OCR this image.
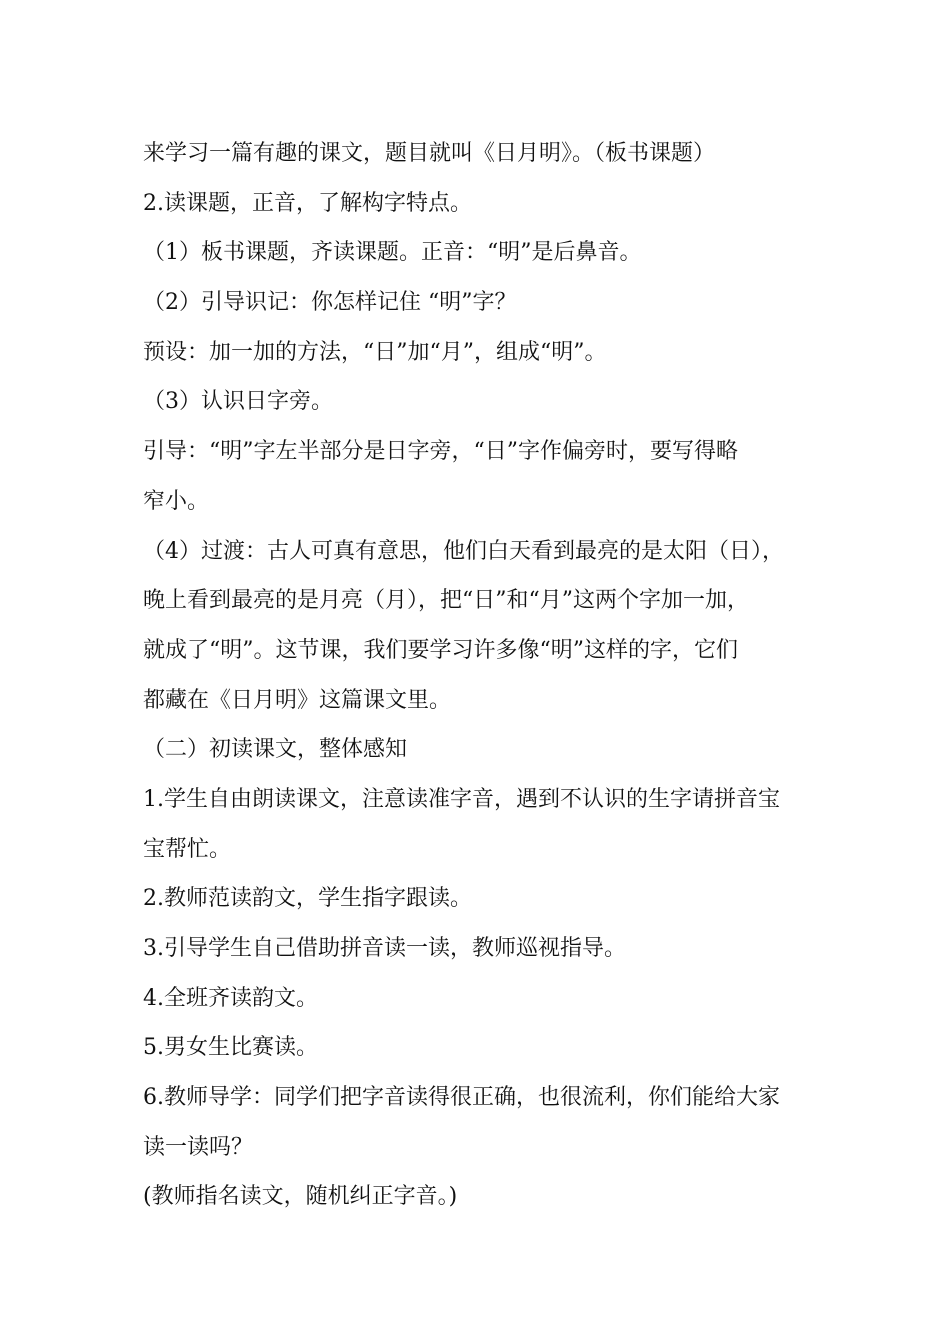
来学习一篇有趣的课文，题目就叫《日月明》。（板书课题）
2.读课题，正音，了解构字特点。
（1）板书课题，齐读课题。正音：“明”是后鼻音。
（2）引导识记：你怎样记住 “明”字？
预设：加一加的方法，“日”加“月”，组成“明”。
（3）认识日字旁。
引导：“明”字左半部分是日字旁，“日”字作偏旁时，要写得略
窄小。
（4）过渡：古人可真有意思，他们白天看到最亮的是太阳（日），
晚上看到最亮的是月亮（月），把“日”和“月”这两个字加一加，
就成了“明”。这节课，我们要学习许多像“明”这样的字，它们
都藏在《日月明》这篇课文里。
（二）初读课文，整体感知
1.学生自由朗读课文，注意读准字音，遇到不认识的生字请拼音宝
宝帮忙。
2.教师范读韵文，学生指字跟读。
3.引导学生自己借助拼音读一读，教师巡视指导。
4.全班齐读韵文。
5.男女生比赛读。
6.教师导学：同学们把字音读得很正确，也很流利，你们能给大家
读一读吗？
(教师指名读文，随机纠正字音。)
